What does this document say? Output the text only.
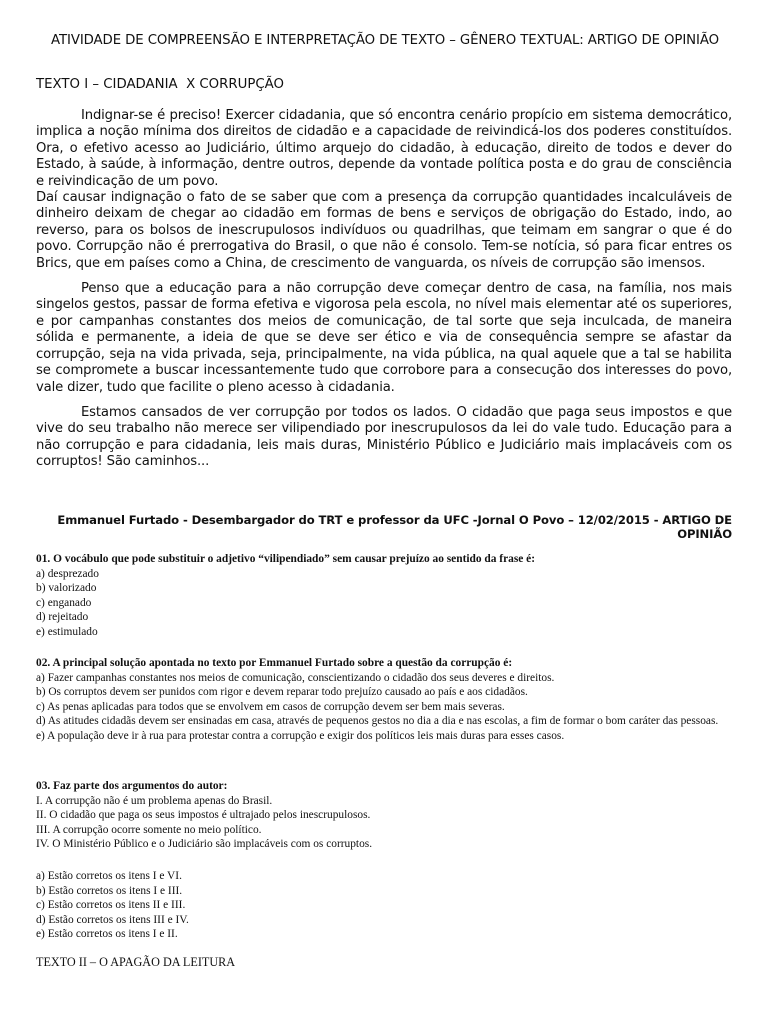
ATIVIDADE DE COMPREENSÃO E INTERPRETAÇÃO DE TEXTO – GÊNERO TEXTUAL: ARTIGO DE OPINIÃO
TEXTO I – CIDADANIA  X CORRUPÇÃO

Indignar-se é preciso! Exercer cidadania, que só encontra cenário propício em sistema democrático, implica a noção mínima dos direitos de cidadão e a capacidade de reivindicá-los dos poderes constituídos. Ora, o efetivo acesso ao Judiciário, último arquejo do cidadão, à educação, direito de todos e dever do Estado, à saúde, à informação, dentre outros, depende da vontade política posta e do grau de consciência e reivindicação de um povo.

Daí causar indignação o fato de se saber que com a presença da corrupção quantidades incalculáveis de dinheiro deixam de chegar ao cidadão em formas de bens e serviços de obrigação do Estado, indo, ao reverso, para os bolsos de inescrupulosos indivíduos ou quadrilhas, que teimam em sangrar o que é do povo. Corrupção não é prerrogativa do Brasil, o que não é consolo. Tem-se notícia, só para ficar entres os Brics, que em países como a China, de crescimento de vanguarda, os níveis de corrupção são imensos.

Penso que a educação para a não corrupção deve começar dentro de casa, na família, nos mais singelos gestos, passar de forma efetiva e vigorosa pela escola, no nível mais elementar até os superiores, e por campanhas constantes dos meios de comunicação, de tal sorte que seja inculcada, de maneira sólida e permanente, a ideia de que se deve ser ético e via de consequência sempre se afastar da corrupção, seja na vida privada, seja, principalmente, na vida pública, na qual aquele que a tal se habilita se compromete a buscar incessantemente tudo que corrobore para a consecução dos interesses do povo, vale dizer, tudo que facilite o pleno acesso à cidadania.

Estamos cansados de ver corrupção por todos os lados. O cidadão que paga seus impostos e que vive do seu trabalho não merece ser vilipendiado por inescrupulosos da lei do vale tudo. Educação para a não corrupção e para cidadania, leis mais duras, Ministério Público e Judiciário mais implacáveis com os corruptos! São caminhos...

Emmanuel Furtado - Desembargador do TRT e professor da UFC -Jornal O Povo – 12/02/2015 - ARTIGO DE OPINIÃO

01. O vocábulo que pode substituir o adjetivo “vilipendiado” sem causar prejuízo ao sentido da frase é:

a) desprezado

b) valorizado

c) enganado

d) rejeitado

e) estimulado

02. A principal solução apontada no texto por Emmanuel Furtado sobre a questão da corrupção é:

a) Fazer campanhas constantes nos meios de comunicação, conscientizando o cidadão dos seus deveres e direitos.

b) Os corruptos devem ser punidos com rigor e devem reparar todo prejuízo causado ao país e aos cidadãos.

c) As penas aplicadas para todos que se envolvem em casos de corrupção devem ser bem mais severas.

d) As atitudes cidadãs devem ser ensinadas em casa, através de pequenos gestos no dia a dia e nas escolas, a fim de formar o bom caráter das pessoas.

e) A população deve ir à rua para protestar contra a corrupção e exigir dos políticos leis mais duras para esses casos.

03. Faz parte dos argumentos do autor:

I. A corrupção não é um problema apenas do Brasil.

II. O cidadão que paga os seus impostos é ultrajado pelos inescrupulosos.

III. A corrupção ocorre somente no meio político.

IV. O Ministério Público e o Judiciário são implacáveis com os corruptos.

a) Estão corretos os itens I e VI.

b) Estão corretos os itens I e III.

c) Estão corretos os itens II e III.

d) Estão corretos os itens III e IV.

e) Estão corretos os itens I e II.

TEXTO II – O APAGÃO DA LEITURA
